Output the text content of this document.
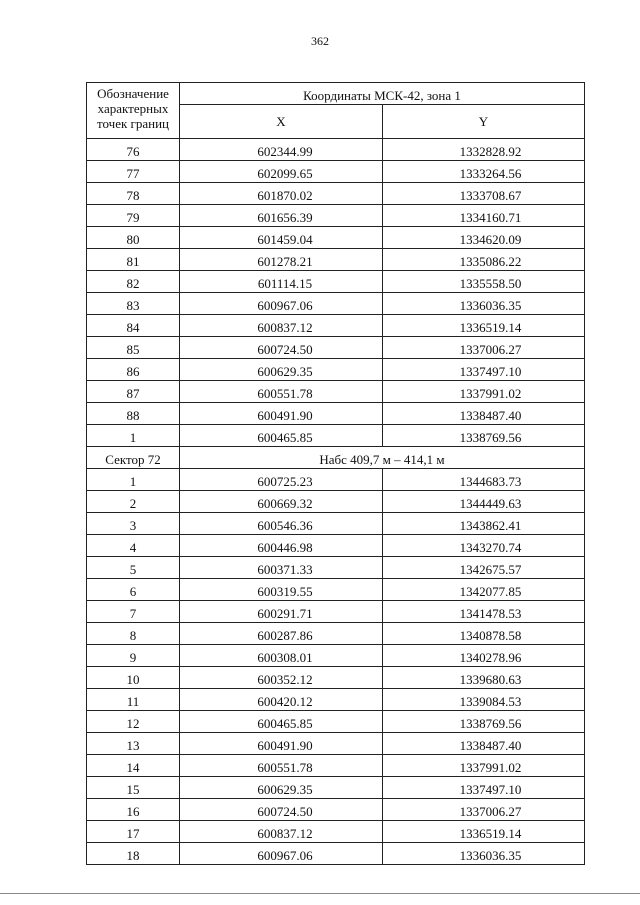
362
Обозначение характерных точек границ	Координаты МСК-42, зона 1	
	X	Y
76	602344.99	1332828.92
77	602099.65	1333264.56
78	601870.02	1333708.67
79	601656.39	1334160.71
80	601459.04	1334620.09
81	601278.21	1335086.22
82	601114.15	1335558.50
83	600967.06	1336036.35
84	600837.12	1336519.14
85	600724.50	1337006.27
86	600629.35	1337497.10
87	600551.78	1337991.02
88	600491.90	1338487.40
1	600465.85	1338769.56
Сектор 72	Набс 409,7 м – 414,1 м	
1	600725.23	1344683.73
2	600669.32	1344449.63
3	600546.36	1343862.41
4	600446.98	1343270.74
5	600371.33	1342675.57
6	600319.55	1342077.85
7	600291.71	1341478.53
8	600287.86	1340878.58
9	600308.01	1340278.96
10	600352.12	1339680.63
11	600420.12	1339084.53
12	600465.85	1338769.56
13	600491.90	1338487.40
14	600551.78	1337991.02
15	600629.35	1337497.10
16	600724.50	1337006.27
17	600837.12	1336519.14
18	600967.06	1336036.35
